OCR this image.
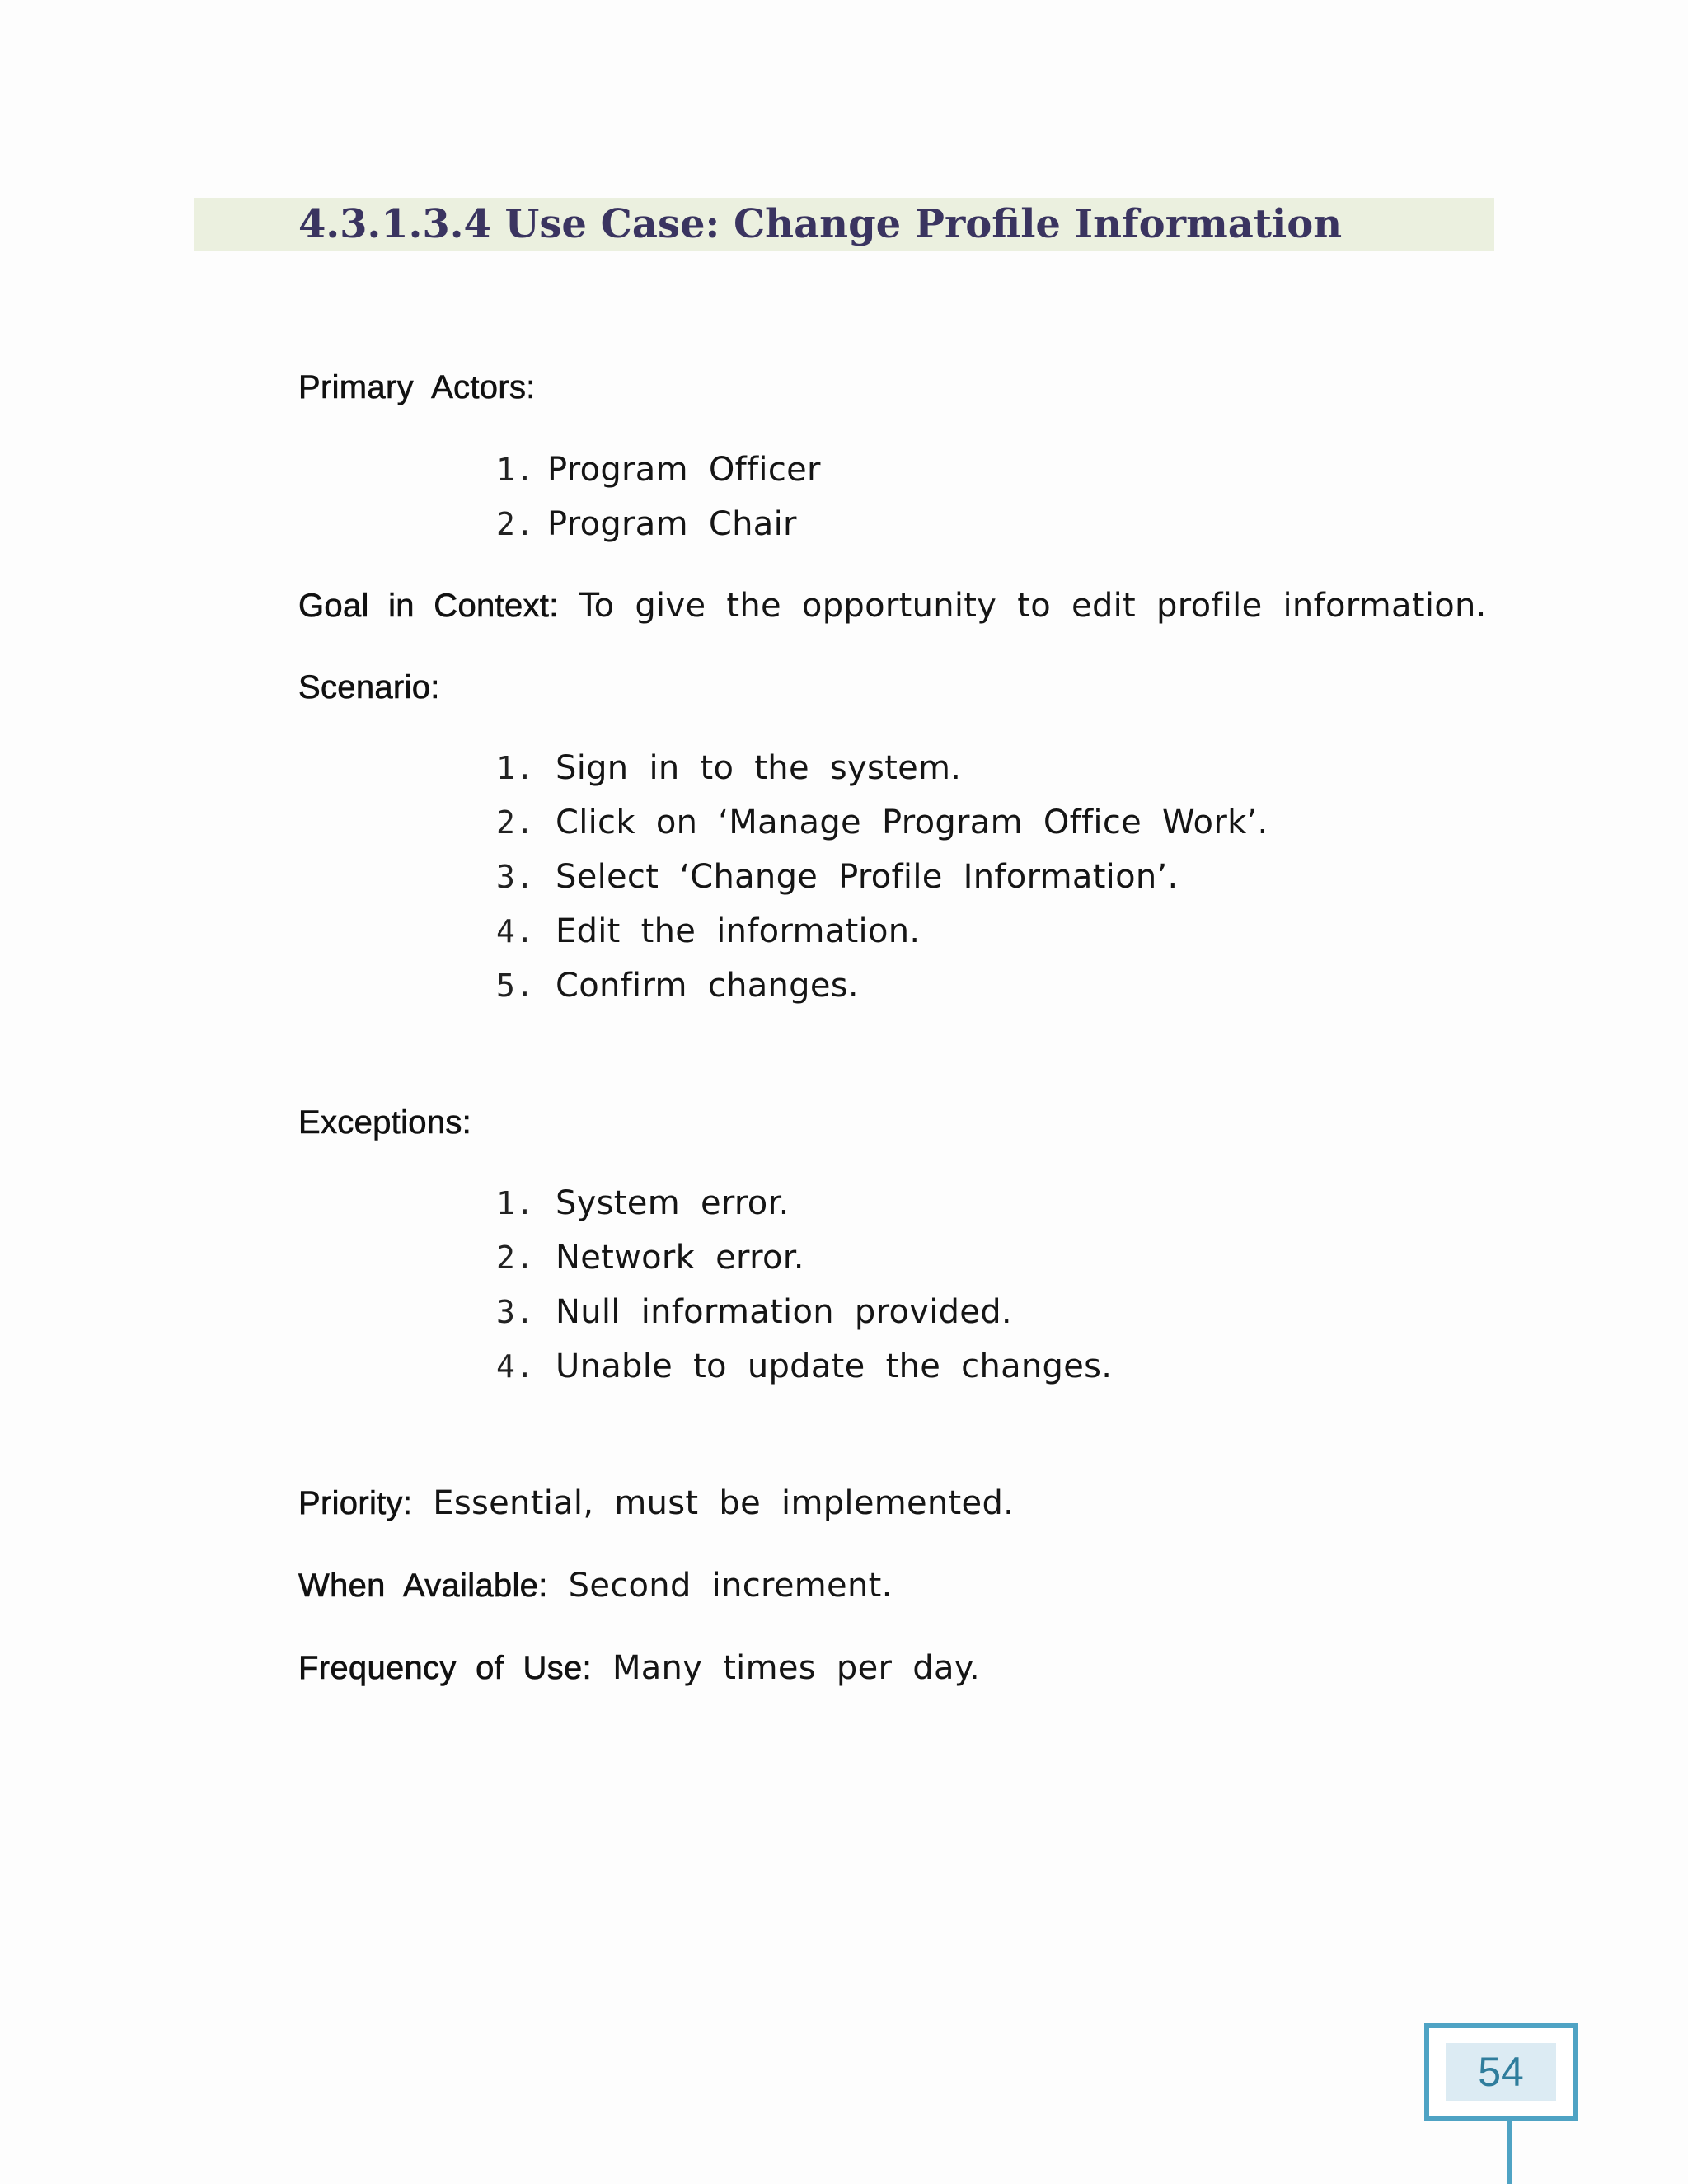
4.3.1.3.4 Use Case: Change Profile Information
Primary Actors:
1. Program Officer
2. Program Chair
Goal in Context: To give the opportunity to edit profile information.
Scenario:
1. Sign in to the system.
2. Click on ‘Manage Program Office Work’.
3. Select ‘Change Profile Information’.
4. Edit the information.
5. Confirm changes.
Exceptions:
1. System error.
2. Network error.
3. Null information provided.
4. Unable to update the changes.
Priority: Essential, must be implemented.
When Available: Second increment.
Frequency of Use: Many times per day.
54
